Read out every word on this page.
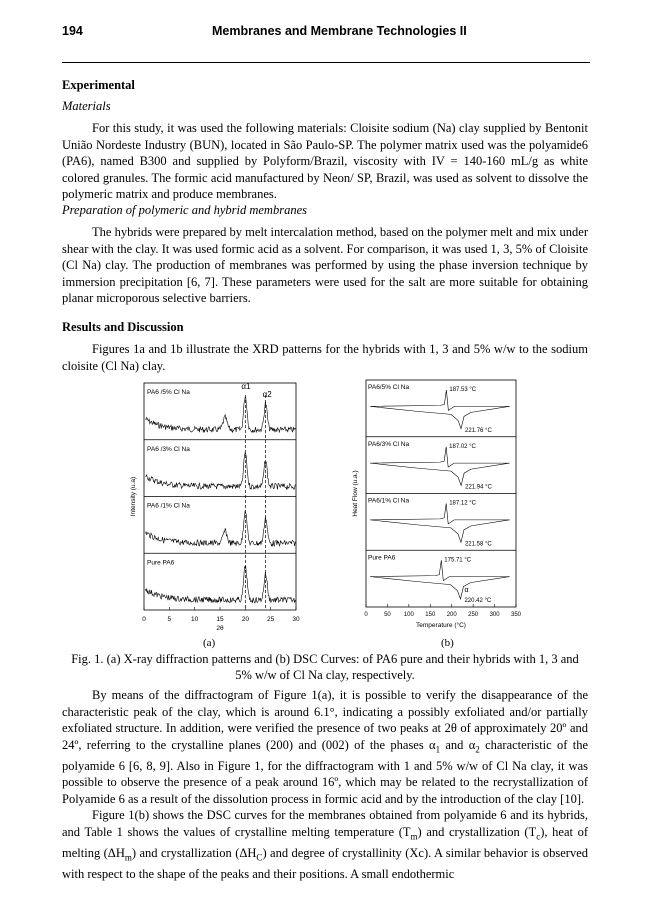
194	Membranes and Membrane Technologies II
Experimental
Materials

For this study, it was used the following materials: Cloisite sodium (Na) clay supplied by Bentonit União Nordeste Industry (BUN), located in São Paulo-SP. The polymer matrix used was the polyamide6 (PA6), named B300 and supplied by Polyform/Brazil, viscosity with IV = 140-160 mL/g as white colored granules. The formic acid manufactured by Neon/ SP, Brazil, was used as solvent to dissolve the polymeric matrix and produce membranes.

Preparation of polymeric and hybrid membranes

The hybrids were prepared by melt intercalation method, based on the polymer melt and mix under shear with the clay. It was used formic acid as a solvent. For comparison, it was used 1, 3, 5% of Cloisite (Cl Na) clay. The production of membranes was performed by using the phase inversion technique by immersion precipitation [6, 7]. These parameters were used for the salt are more suitable for obtaining planar microporous selective barriers.

Results and Discussion

Figures 1a and 1b illustrate the XRD patterns for the hybrids with 1, 3 and 5% w/w to the sodium cloisite (Cl Na) clay.

PA6 /5% Cl Na
PA6 /3% Cl Na
PA6 /1% Cl Na
Pure PA6
α1
α2
0	5	10	15	20	25	30
2θ
Intensity (u.a)
PA6/5% Cl Na	187.53 °C
221.76 °C
PA6/3% Cl Na	187.02 °C
221.94 °C
PA6/1% Cl Na	187.12 °C
221.58 °C
Pure PA6	175.71 °C
220.42 °C
α
0	50 100 150 200 250 300 350
Temperature (°C)
Heat Flow (u.a.)
(a)	(b)
Fig. 1. (a) X-ray diffraction patterns and (b) DSC Curves: of PA6 pure and their hybrids with 1, 3 and 5% w/w of Cl Na clay, respectively.

By means of the diffractogram of Figure 1(a), it is possible to verify the disappearance of the characteristic peak of the clay, which is around 6.1°, indicating a possibly exfoliated and/or partially exfoliated structure. In addition, were verified the presence of two peaks at 2θ of approximately 20º and 24º, referring to the crystalline planes (200) and (002) of the phases $\alpha_1$ and $\alpha_2$ characteristic of the polyamide 6 [6, 8, 9]. Also in Figure 1, for the diffractogram with 1 and 5% w/w of Cl Na clay, it was possible to observe the presence of a peak around 16º, which may be related to the recrystallization of Polyamide 6 as a result of the dissolution process in formic acid and by the introduction of the clay [10].

Figure 1(b) shows the DSC curves for the membranes obtained from polyamide 6 and its hybrids, and Table 1 shows the values of crystalline melting temperature $(T_m)$ and crystallization $(T_c)$, heat of melting $(\Delta H_m)$ and crystallization $(\Delta H_C)$ and degree of crystallinity (Xc). A similar behavior is observed with respect to the shape of the peaks and their positions. A small endothermic
